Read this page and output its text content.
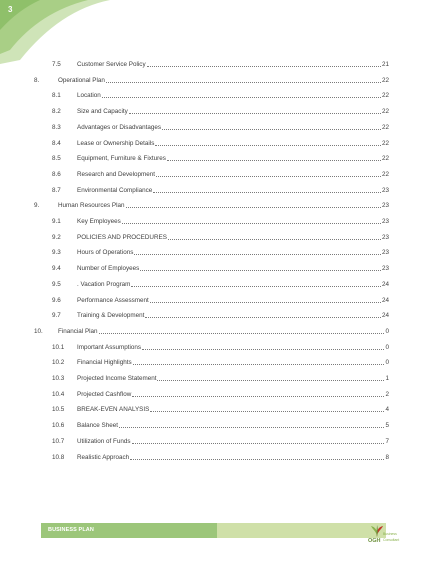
3
7.5	Customer Service Policy	21
8.	Operational Plan	22
8.1	Location	22
8.2	Size and Capacity	22
8.3	Advantages or Disadvantages	22
8.4	Lease or Ownership Details	22
8.5	Equipment, Furniture & Fixtures	22
8.6	Research and Development	22
8.7	Environmental Compliance	23
9.	Human Resources Plan	23
9.1	Key Employees	23
9.2	POLICIES AND PROCEDURES	23
9.3	Hours of Operations	23
9.4	Number of Employees	23
9.5	. Vacation Program	24
9.6	Performance Assessment	24
9.7	Training & Development	24
10. Financial Plan	0
10.1 Important Assumptions	0
10.2 Financial Highlights	0
10.3 Projected Income Statement	1
10.4 Projected Cashflow	2
10.5 BREAK-EVEN ANALYSIS	4
10.6 Balance Sheet	5
10.7 Utilization of Funds	7
10.8 Realistic Approach	8
BUSINESS PLAN
OGH
Business
Consultant
